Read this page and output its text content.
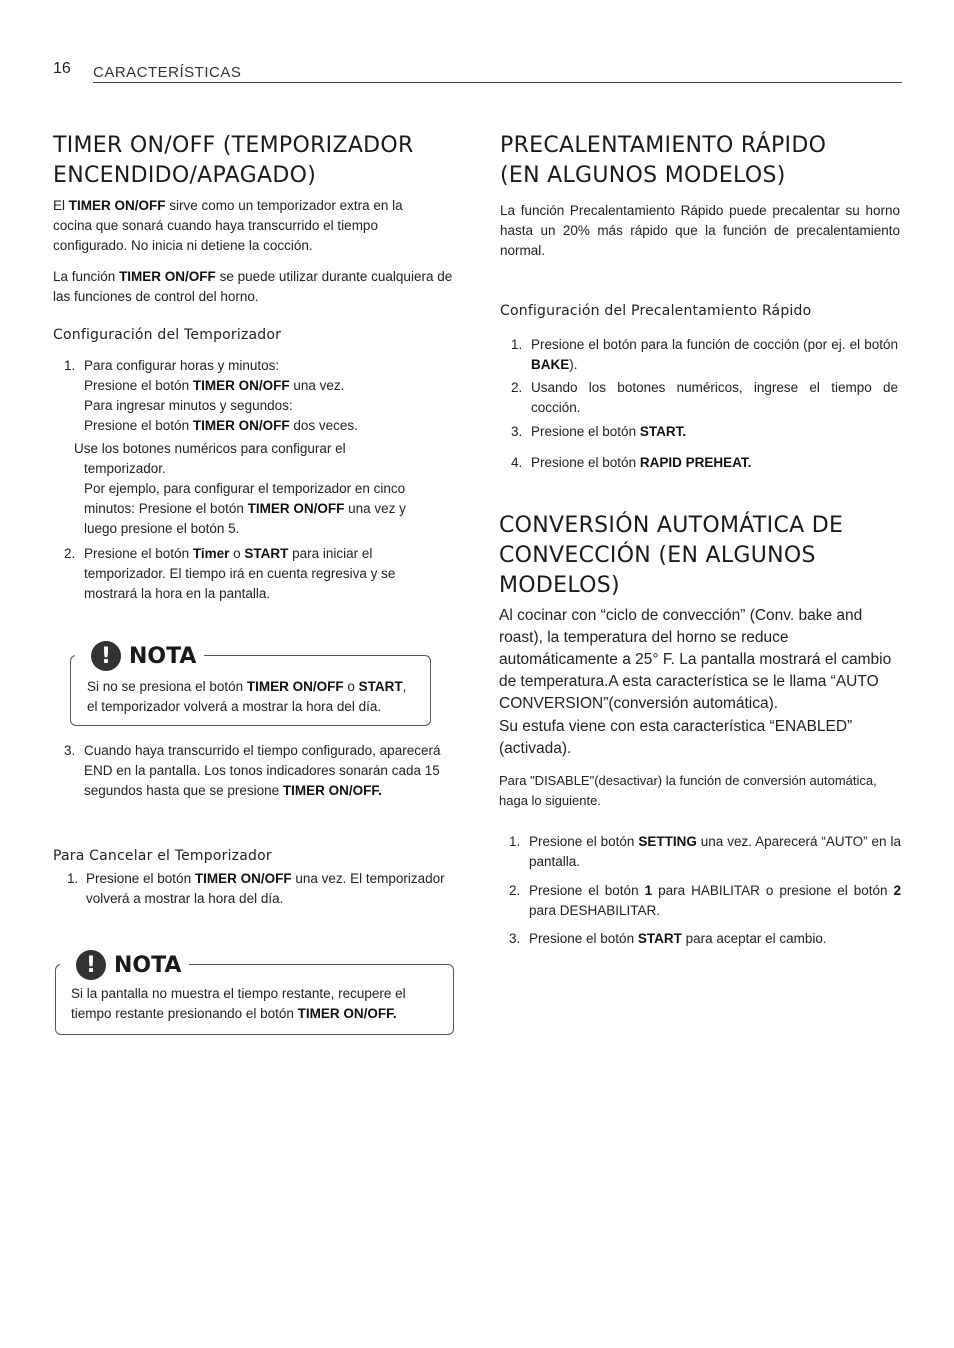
16 CARACTERÍSTICAS
TIMER ON/OFF (TEMPORIZADOR
ENCENDIDO/APAGADO)
El TIMER ON/OFF sirve como un temporizador extra en la cocina que sonará cuando haya transcurrido el tiempo configurado. No inicia ni detiene la cocción.
La función TIMER ON/OFF se puede utilizar durante cualquiera de las funciones de control del horno.
Configuración del Temporizador
1. Para configurar horas y minutos:
Presione el botón TIMER ON/OFF una vez.
Para ingresar minutos y segundos:
Presione el botón TIMER ON/OFF dos veces.
Use los botones numéricos para configurar el
temporizador.
Por ejemplo, para configurar el temporizador en cinco
minutos: Presione el botón TIMER ON/OFF una vez y
luego presione el botón 5.
2. Presione el botón Timer o START para iniciar el temporizador. El tiempo irá en cuenta regresiva y se mostrará la hora en la pantalla.
! NOTA
Si no se presiona el botón TIMER ON/OFF o START,
el temporizador volverá a mostrar la hora del día.
3. Cuando haya transcurrido el tiempo configurado, aparecerá END en la pantalla. Los tonos indicadores sonarán cada 15 segundos hasta que se presione TIMER ON/OFF.
Para Cancelar el Temporizador
1. Presione el botón TIMER ON/OFF una vez. El temporizador volverá a mostrar la hora del día.
! NOTA
Si la pantalla no muestra el tiempo restante, recupere el tiempo restante presionando el botón TIMER ON/OFF.
PRECALENTAMIENTO RÁPIDO
(EN ALGUNOS MODELOS)
La función Precalentamiento Rápido puede precalentar su horno hasta un 20% más rápido que la función de precalentamiento normal.
Configuración del Precalentamiento Rápido
1. Presione el botón para la función de cocción (por ej. el botón BAKE).
2. Usando los botones numéricos, ingrese el tiempo de cocción.
3. Presione el botón START.
4. Presione el botón RAPID PREHEAT.
CONVERSIÓN AUTOMÁTICA DE
CONVECCIÓN (EN ALGUNOS
MODELOS)
Al cocinar con “ciclo de convección” (Conv. bake and roast), la temperatura del horno se reduce automáticamente a 25° F. La pantalla mostrará el cambio de temperatura.A esta característica se le llama “AUTO CONVERSION”(conversión automática).
Su estufa viene con esta característica “ENABLED” (activada).
Para "DISABLE"(desactivar) la función de conversión automática, haga lo siguiente.
1. Presione el botón SETTING una vez. Aparecerá “AUTO” en la pantalla.
2. Presione el botón 1 para HABILITAR o presione el botón 2 para DESHABILITAR.
3. Presione el botón START para aceptar el cambio.
